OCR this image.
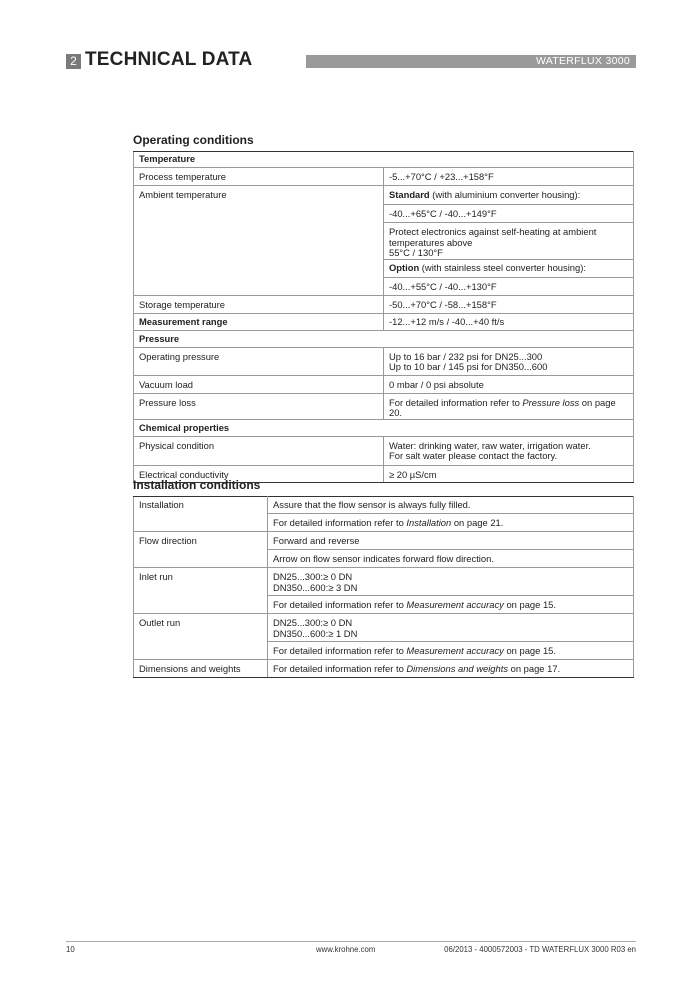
2 TECHNICAL DATA	WATERFLUX 3000
Operating conditions
Temperature	
Process temperature	-5...+70°C / +23...+158°F
Ambient temperature	Standard (with aluminium converter housing):
	-40...+65°C / -40...+149°F
	Protect electronics against self-heating at ambient temperatures above
55°C / 130°F
	Option (with stainless steel converter housing):
	-40...+55°C / -40...+130°F
Storage temperature	-50...+70°C / -58...+158°F
Measurement range	-12...+12 m/s / -40...+40 ft/s
Pressure	
Operating pressure	Up to 16 bar / 232 psi for DN25...300
Up to 10 bar / 145 psi for DN350...600
Vacuum load	0 mbar / 0 psi absolute
Pressure loss	For detailed information refer to Pressure loss on page 20.
Chemical properties	
Physical condition	Water: drinking water, raw water, irrigation water.
For salt water please contact the factory.
Electrical conductivity	≥ 20 µS/cm
Installation conditions
Installation	Assure that the flow sensor is always fully filled.
	For detailed information refer to Installation on page 21.
Flow direction	Forward and reverse
	Arrow on flow sensor indicates forward flow direction.
Inlet run	DN25...300:≥ 0 DN
DN350...600:≥ 3 DN
	For detailed information refer to Measurement accuracy on page 15.
Outlet run	DN25...300:≥ 0 DN
DN350...600:≥ 1 DN
	For detailed information refer to Measurement accuracy on page 15.
Dimensions and weights	For detailed information refer to Dimensions and weights on page 17.
10	www.krohne.com	06/2013 - 4000572003 - TD WATERFLUX 3000 R03 en
